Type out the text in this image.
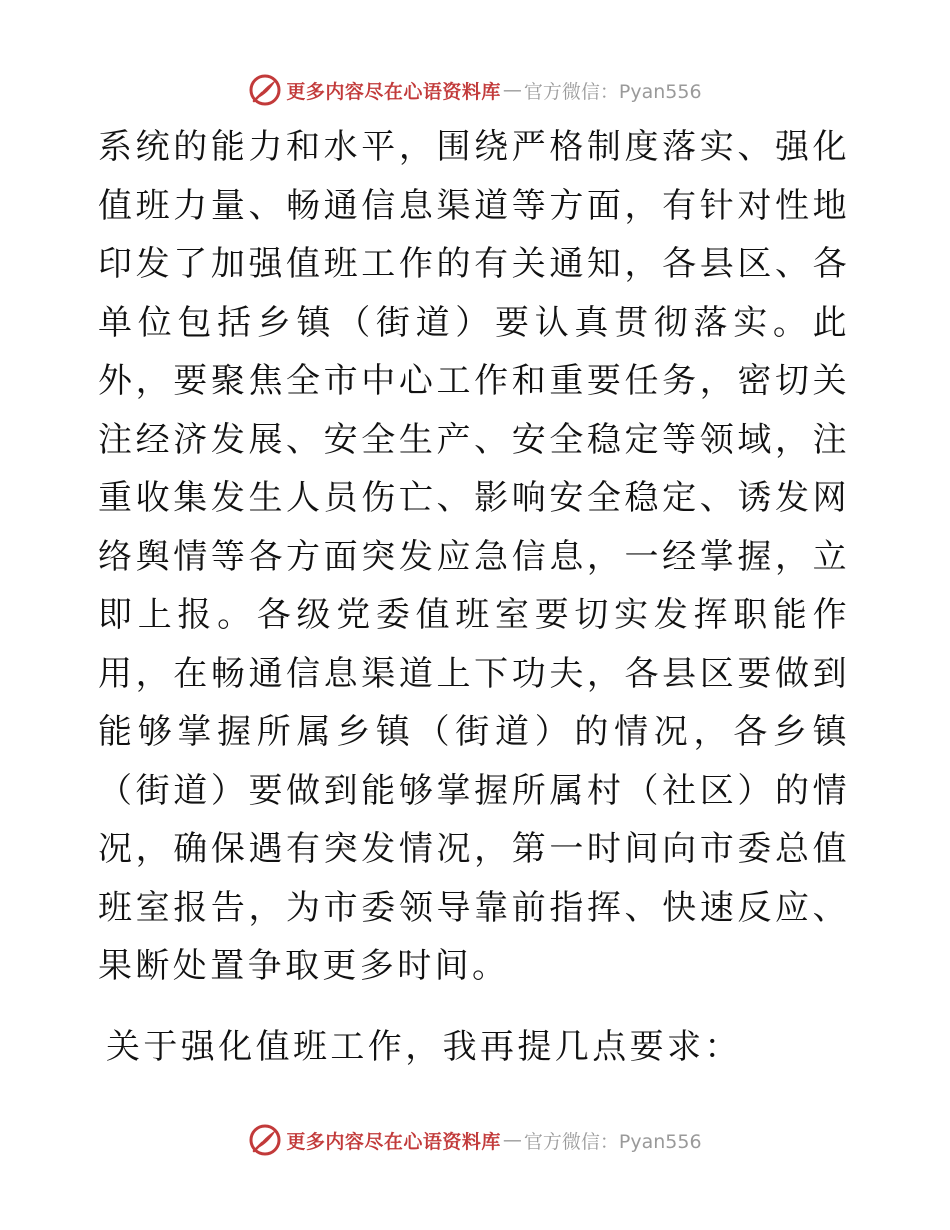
更多内容尽在心语资料库 — 官方微信：Pyan556

系统的能力和水平，围绕严格制度落实、强化值班力量、畅通信息渠道等方面，有针对性地印发了加强值班工作的有关通知，各县区、各单位包括乡镇（街道）要认真贯彻落实。此外，要聚焦全市中心工作和重要任务，密切关注经济发展、安全生产、安全稳定等领域，注重收集发生人员伤亡、影响安全稳定、诱发网络舆情等各方面突发应急信息，一经掌握，立即上报。各级党委值班室要切实发挥职能作用，在畅通信息渠道上下功夫，各县区要做到能够掌握所属乡镇（街道）的情况，各乡镇（街道）要做到能够掌握所属村（社区）的情况，确保遇有突发情况，第一时间向市委总值班室报告，为市委领导靠前指挥、快速反应、果断处置争取更多时间。

关于强化值班工作，我再提几点要求：

更多内容尽在心语资料库 — 官方微信：Pyan556
